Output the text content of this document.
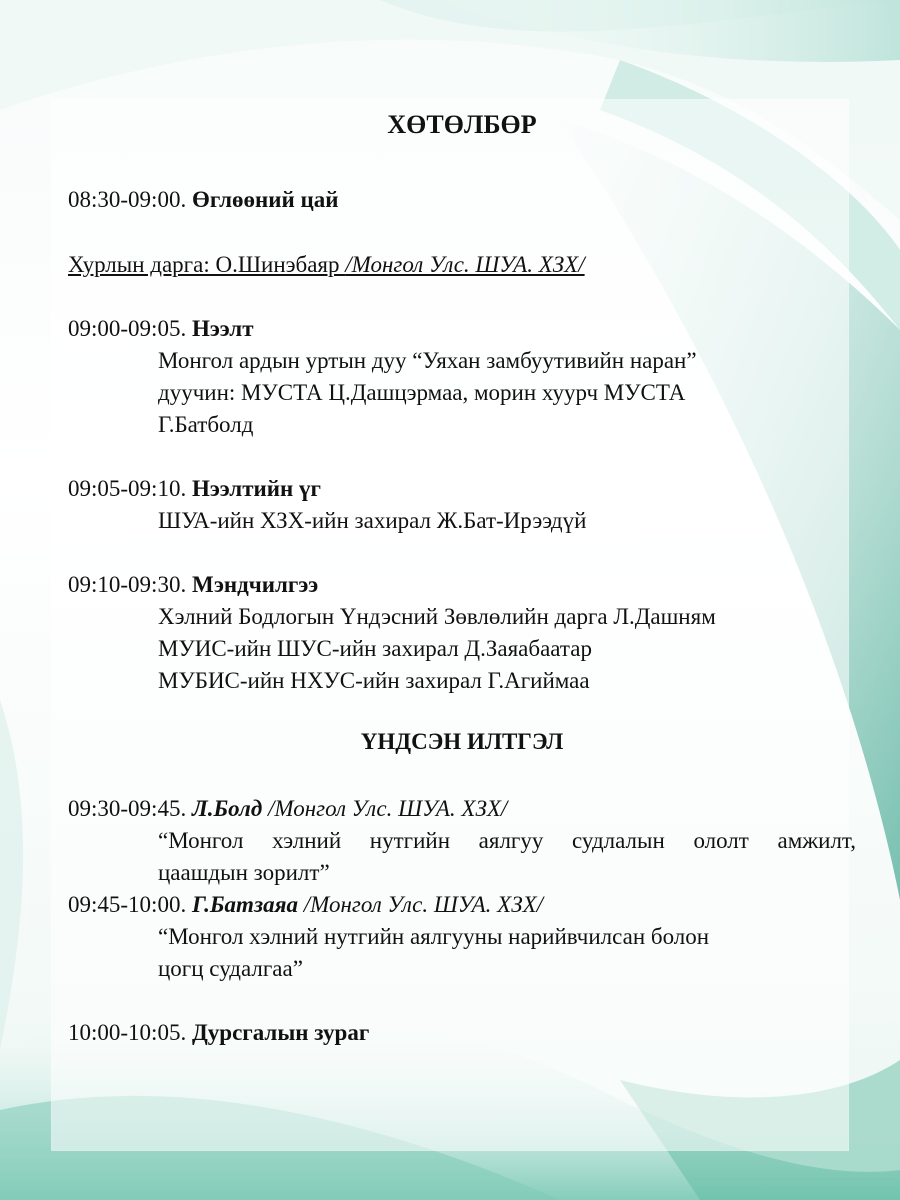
ХӨТӨЛБӨР
08:30-09:00. Өглөөний цай
Хурлын дарга: О.Шинэбаяр /Монгол Улс. ШУА. ХЗХ/
09:00-09:05. Нээлт
Монгол ардын уртын дуу “Уяхан замбуутивийн наран”
дуучин: МУСТА Ц.Дашцэрмаа, морин хуурч МУСТА
Г.Батболд
09:05-09:10. Нээлтийн үг
ШУА-ийн ХЗХ-ийн захирал Ж.Бат-Ирээдүй
09:10-09:30. Мэндчилгээ
Хэлний Бодлогын Үндэсний Зөвлөлийн дарга Л.Дашням
МУИС-ийн ШУС-ийн захирал Д.Заяабаатар
МУБИС-ийн НХУС-ийн захирал Г.Агиймаа
ҮНДСЭН ИЛТГЭЛ
09:30-09:45. Л.Болд /Монгол Улс. ШУА. ХЗХ/
“Монгол хэлний нутгийн аялгуу судлалын ололт амжилт,
цаашдын зорилт”
09:45-10:00. Г.Батзаяа /Монгол Улс. ШУА. ХЗХ/
“Монгол хэлний нутгийн аялгууны нарийвчилсан болон
цогц судалгаа”
10:00-10:05. Дурсгалын зураг
